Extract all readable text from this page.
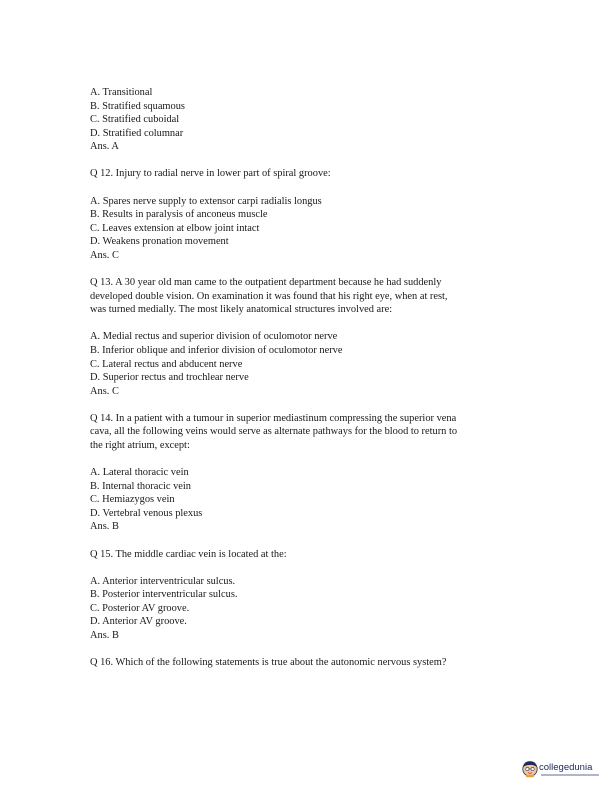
A. Transitional
B. Stratified squamous
C. Stratified cuboidal
D. Stratified columnar
Ans. A
Q 12. Injury to radial nerve in lower part of spiral groove:
A. Spares nerve supply to extensor carpi radialis longus
B. Results in paralysis of anconeus muscle
C. Leaves extension at elbow joint intact
D. Weakens pronation movement
Ans. C
Q 13. A 30 year old man came to the outpatient department because he had suddenly
developed double vision. On examination it was found that his right eye, when at rest,
was turned medially. The most likely anatomical structures involved are:
A. Medial rectus and superior division of oculomotor nerve
B. Inferior oblique and inferior division of oculomotor nerve
C. Lateral rectus and abducent nerve
D. Superior rectus and trochlear nerve
Ans. C
Q 14. In a patient with a tumour in superior mediastinum compressing the superior vena
cava, all the following veins would serve as alternate pathways for the blood to return to
the right atrium, except:
A. Lateral thoracic vein
B. Internal thoracic vein
C. Hemiazygos vein
D. Vertebral venous plexus
Ans. B
Q 15. The middle cardiac vein is located at the:
A. Anterior interventricular sulcus.
B. Posterior interventricular sulcus.
C. Posterior AV groove.
D. Anterior AV groove.
Ans. B
Q 16. Which of the following statements is true about the autonomic nervous system?
collegedunia
